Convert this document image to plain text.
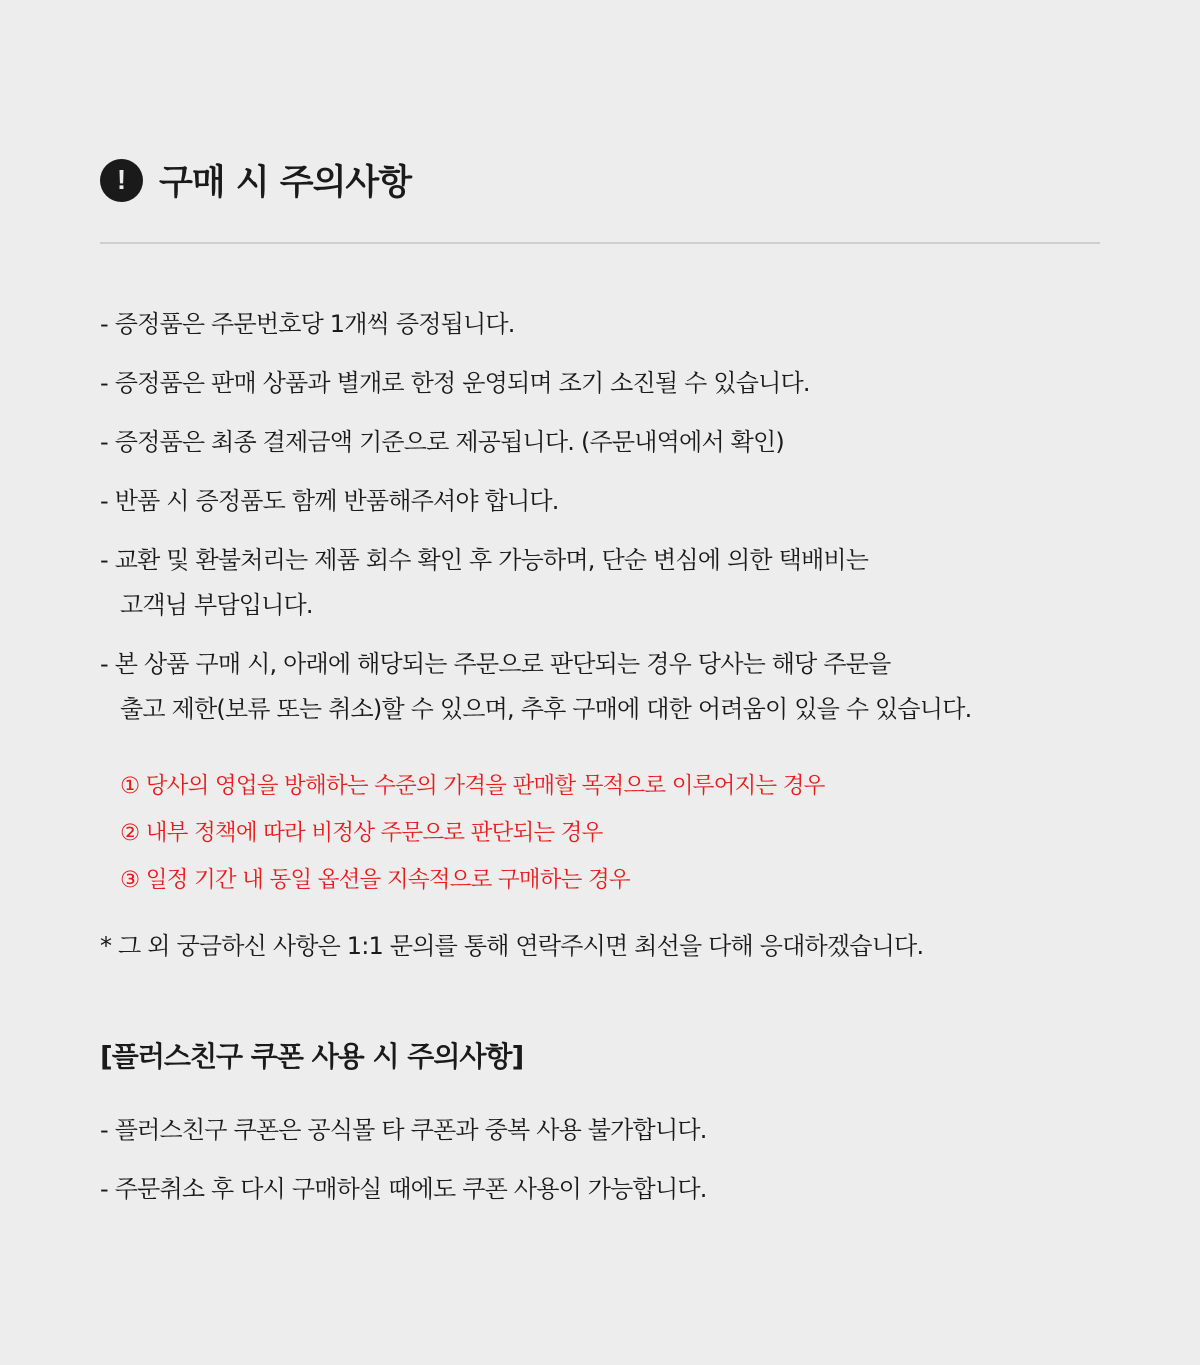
! 구매 시 주의사항
- 증정품은 주문번호당 1개씩 증정됩니다.
- 증정품은 판매 상품과 별개로 한정 운영되며 조기 소진될 수 있습니다.
- 증정품은 최종 결제금액 기준으로 제공됩니다. (주문내역에서 확인)
- 반품 시 증정품도 함께 반품해주셔야 합니다.
- 교환 및 환불처리는 제품 회수 확인 후 가능하며, 단순 변심에 의한 택배비는
고객님 부담입니다.
- 본 상품 구매 시, 아래에 해당되는 주문으로 판단되는 경우 당사는 해당 주문을
출고 제한(보류 또는 취소)할 수 있으며, 추후 구매에 대한 어려움이 있을 수 있습니다.
① 당사의 영업을 방해하는 수준의 가격을 판매할 목적으로 이루어지는 경우
② 내부 정책에 따라 비정상 주문으로 판단되는 경우
③ 일정 기간 내 동일 옵션을 지속적으로 구매하는 경우
* 그 외 궁금하신 사항은 1:1 문의를 통해 연락주시면 최선을 다해 응대하겠습니다.
[플러스친구 쿠폰 사용 시 주의사항]
- 플러스친구 쿠폰은 공식몰 타 쿠폰과 중복 사용 불가합니다.
- 주문취소 후 다시 구매하실 때에도 쿠폰 사용이 가능합니다.
